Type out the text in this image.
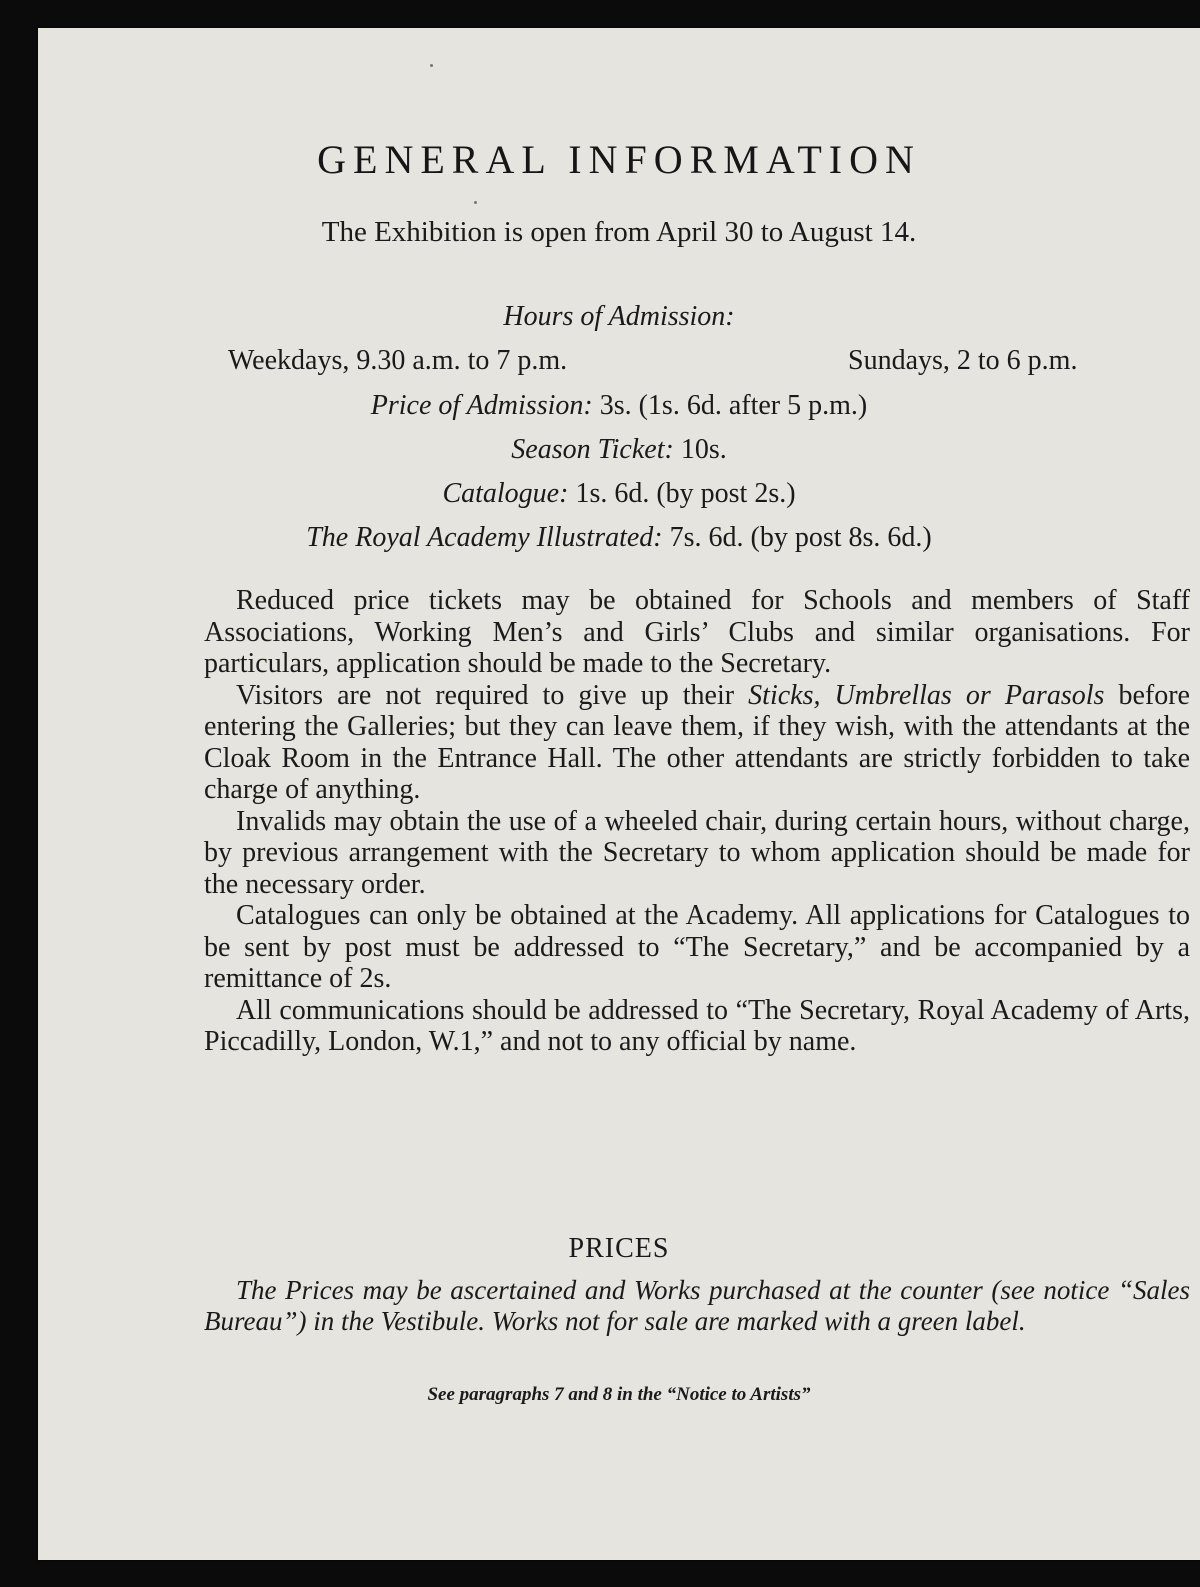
GENERAL INFORMATION
The Exhibition is open from April 30 to August 14.
Hours of Admission:
Weekdays, 9.30 a.m. to 7 p.m.	Sundays, 2 to 6 p.m.
Price of Admission: 3s. (1s. 6d. after 5 p.m.)
Season Ticket: 10s.
Catalogue: 1s. 6d. (by post 2s.)
The Royal Academy Illustrated: 7s. 6d. (by post 8s. 6d.)

Reduced price tickets may be obtained for Schools and members of Staff Associations, Working Men’s and Girls’ Clubs and similar organisations. For particulars, application should be made to the Secretary.

Visitors are not required to give up their Sticks, Umbrellas or Parasols before entering the Galleries; but they can leave them, if they wish, with the attendants at the Cloak Room in the Entrance Hall. The other attendants are strictly forbidden to take charge of anything.

Invalids may obtain the use of a wheeled chair, during certain hours, without charge, by previous arrangement with the Secretary to whom application should be made for the necessary order.

Catalogues can only be obtained at the Academy. All applications for Catalogues to be sent by post must be addressed to “The Secretary,” and be accompanied by a remittance of 2s.

All communications should be addressed to “The Secretary, Royal Academy of Arts, Piccadilly, London, W.1,” and not to any official by name.

PRICES

The Prices may be ascertained and Works purchased at the counter (see notice “Sales Bureau”) in the Vestibule. Works not for sale are marked with a green label.

See paragraphs 7 and 8 in the “Notice to Artists”
